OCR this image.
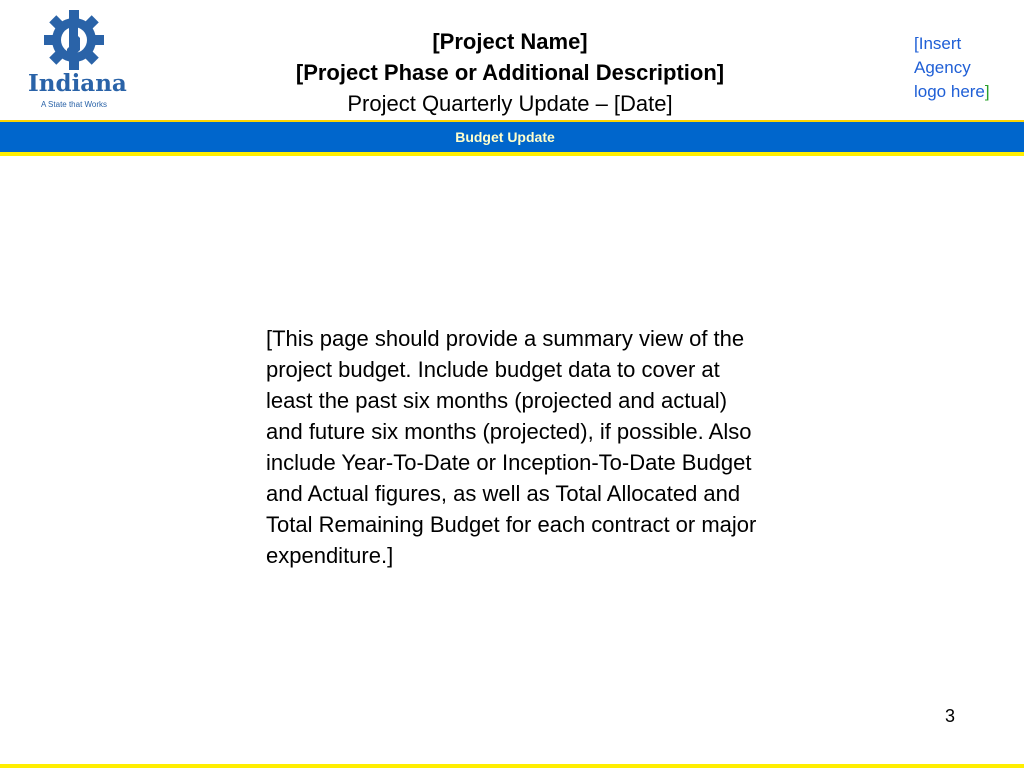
Indiana
A State that Works
[Project Name]
[Project Phase or Additional Description]
Project Quarterly Update – [Date]
[Insert
Agency
logo here]
Budget Update
[This page should provide a summary view of the project budget. Include budget data to cover at least the past six months (projected and actual) and future six months (projected), if possible. Also include Year-To-Date or Inception-To-Date Budget and Actual figures, as well as Total Allocated and Total Remaining Budget for each contract or major expenditure.]
3
